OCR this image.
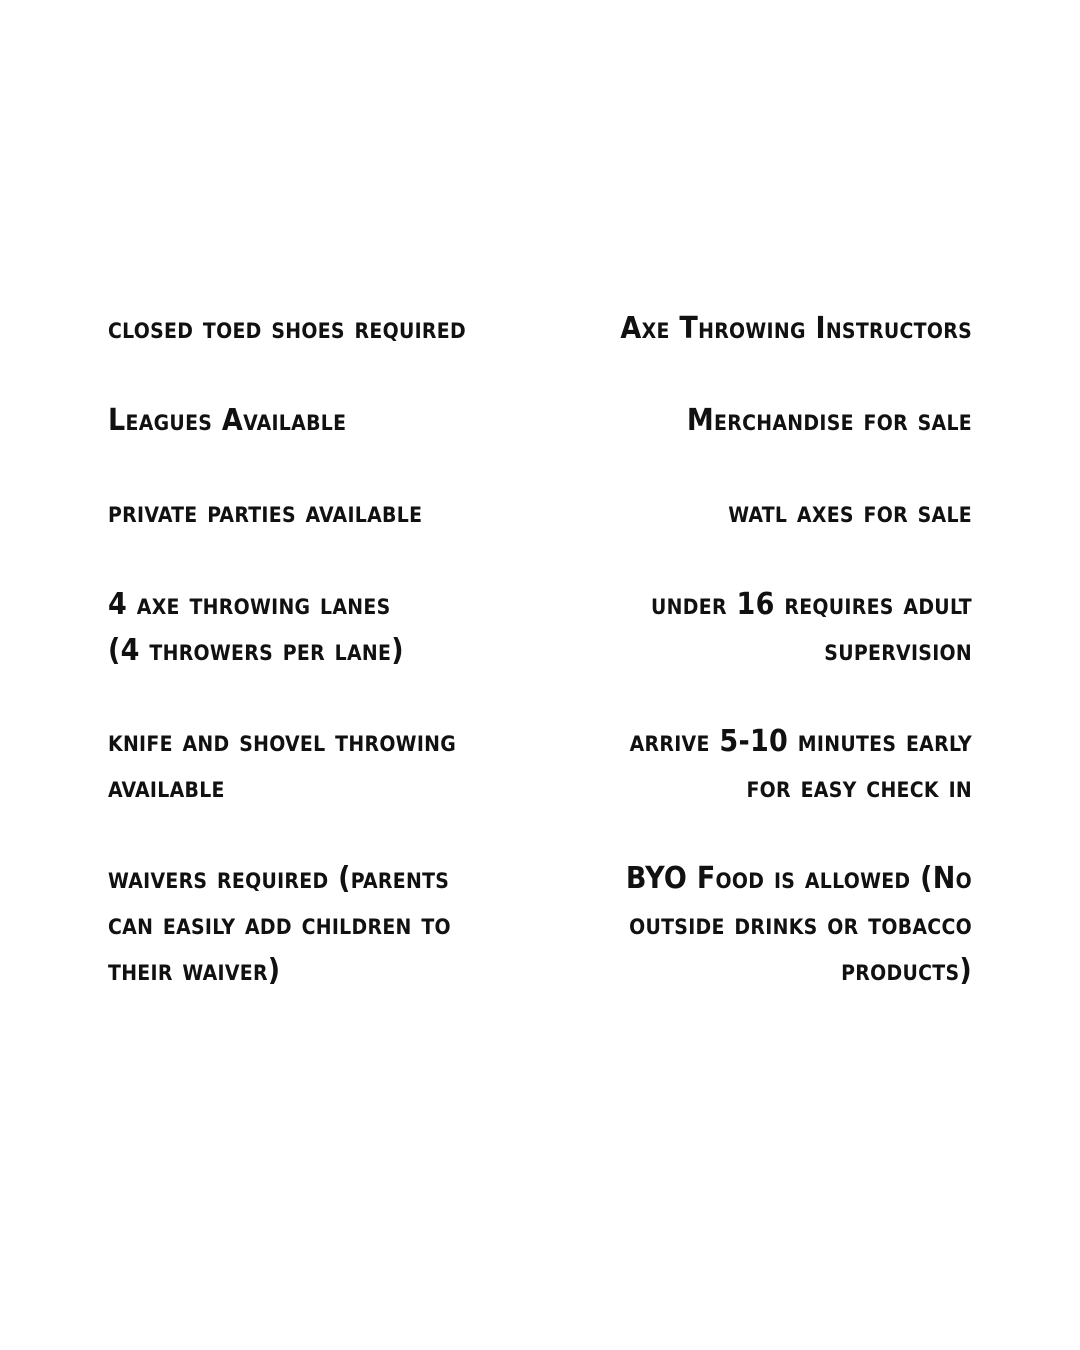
closed toed shoes required
Leagues Available
private parties available
4 axe throwing lanes
(4 throwers per lane)
knife and shovel throwing
available
waivers required (parents
can easily add children to
their waiver)
Axe Throwing Instructors
Merchandise for sale
watl axes for sale
under 16 requires adult
supervision
arrive 5-10 minutes early
for easy check in
BYO Food is allowed (No
outside drinks or tobacco
products)
